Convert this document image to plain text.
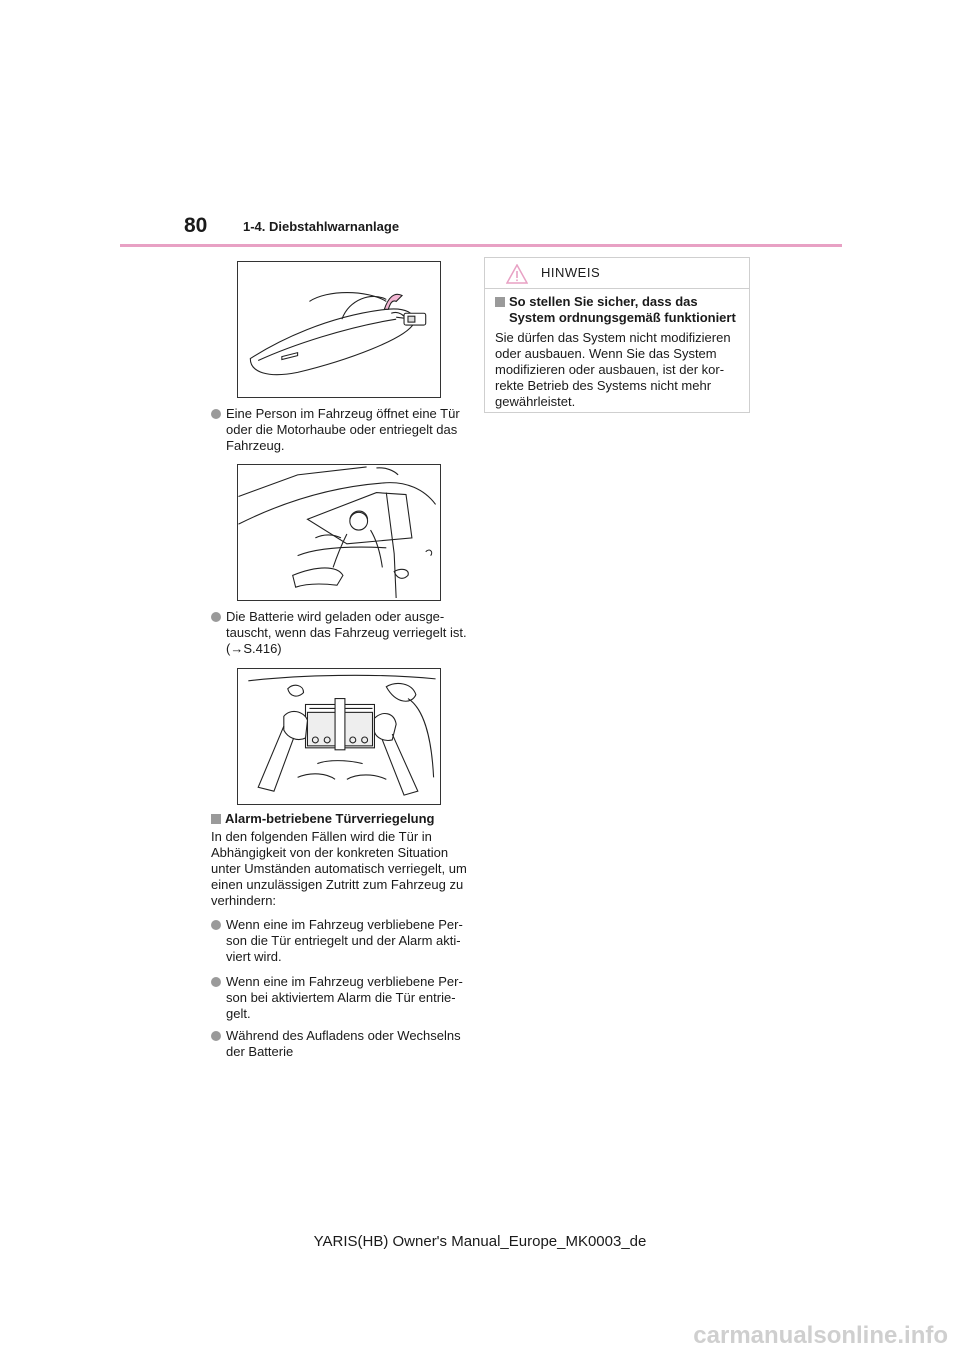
80	1-4. Diebstahlwarnanlage
Eine Person im Fahrzeug öffnet eine Tür oder die Motorhaube oder entriegelt das Fahrzeug.
Die Batterie wird geladen oder ausge- tauscht, wenn das Fahrzeug verriegelt ist. (→S.416)
Alarm-betriebene Türverriegelung
In den folgenden Fällen wird die Tür in Abhängigkeit von der konkreten Situation unter Umständen automatisch verriegelt, um einen unzulässigen Zutritt zum Fahrzeug zu verhindern:
Wenn eine im Fahrzeug verbliebene Per- son die Tür entriegelt und der Alarm akti- viert wird.
Wenn eine im Fahrzeug verbliebene Per- son bei aktiviertem Alarm die Tür entrie- gelt.
Während des Aufladens oder Wechselns der Batterie
HINWEIS
So stellen Sie sicher, dass das System ordnungsgemäß funktioniert
Sie dürfen das System nicht modifizieren oder ausbauen. Wenn Sie das System modifizieren oder ausbauen, ist der kor- rekte Betrieb des Systems nicht mehr gewährleistet.
YARIS(HB) Owner's Manual_Europe_MK0003_de
carmanualsonline.info
